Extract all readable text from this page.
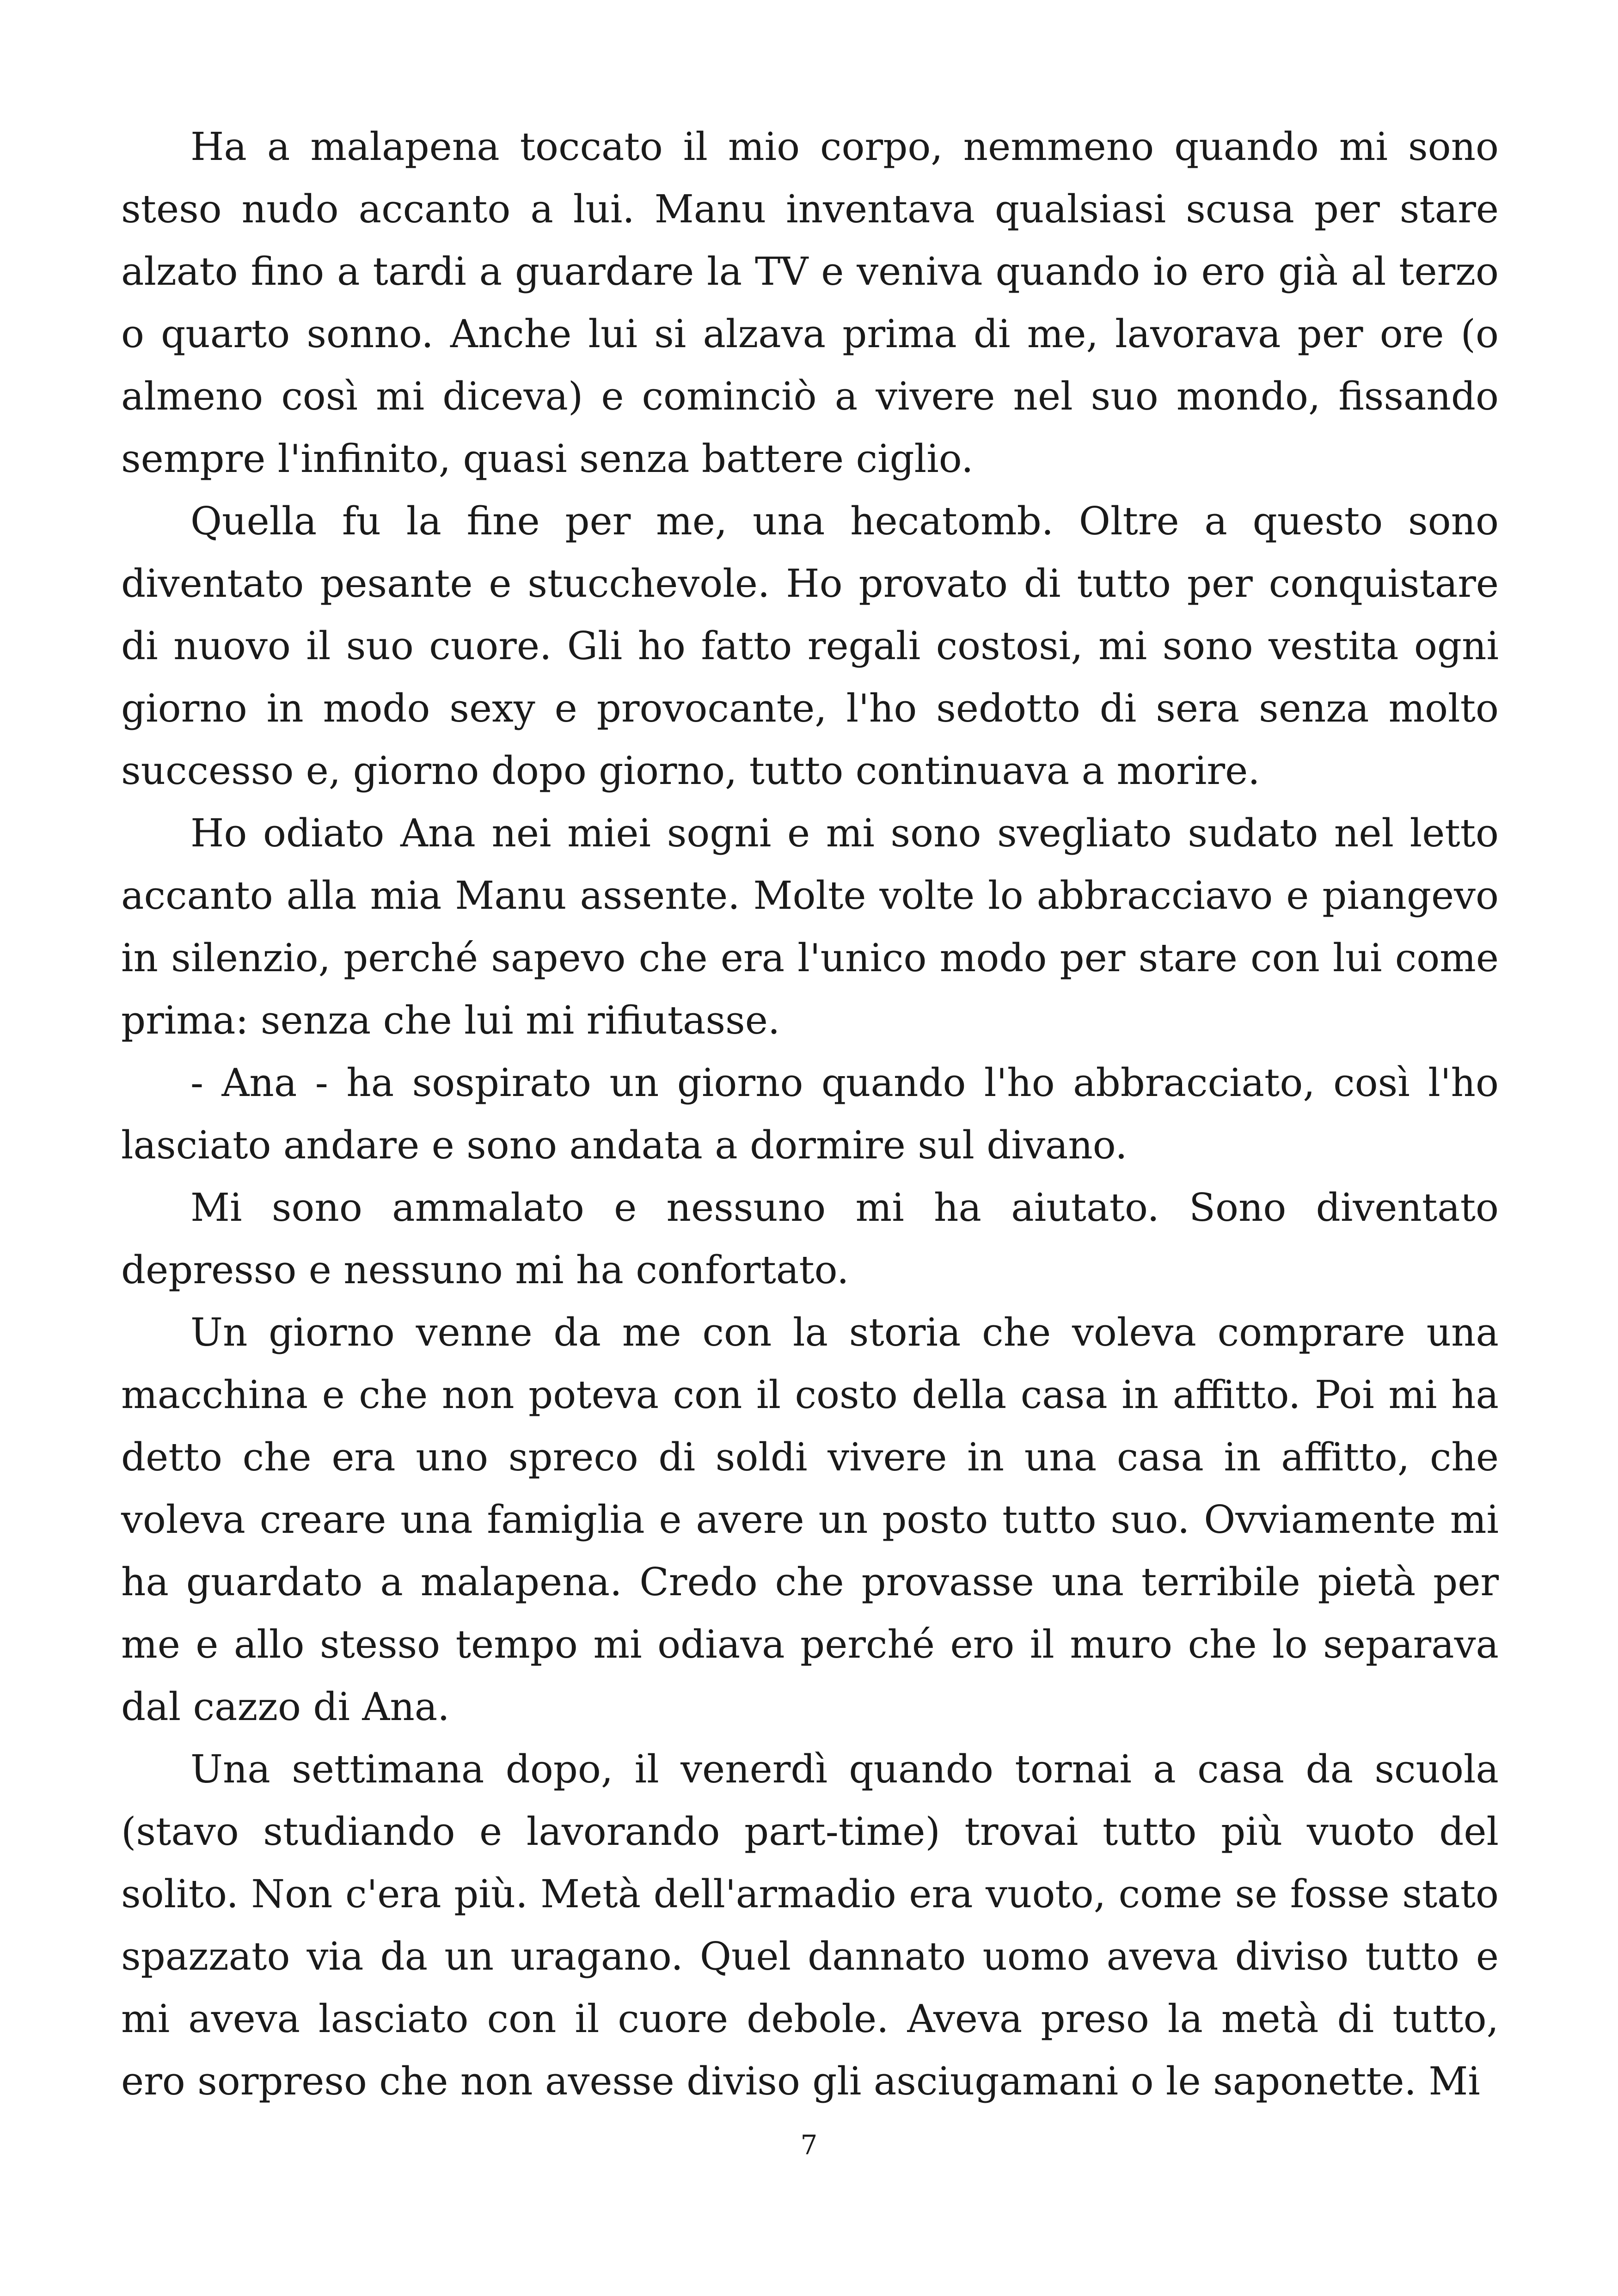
Ha a malapena toccato il mio corpo, nemmeno quando mi sono steso nudo accanto a lui. Manu inventava qualsiasi scusa per stare alzato fino a tardi a guardare la TV e veniva quando io ero già al terzo o quarto sonno. Anche lui si alzava prima di me, lavorava per ore (o almeno così mi diceva) e cominciò a vivere nel suo mondo, fissando sempre l'infinito, quasi senza battere ciglio.

Quella fu la fine per me, una hecatomb. Oltre a questo sono diventato pesante e stucchevole. Ho provato di tutto per conquistare di nuovo il suo cuore. Gli ho fatto regali costosi, mi sono vestita ogni giorno in modo sexy e provocante, l'ho sedotto di sera senza molto successo e, giorno dopo giorno, tutto continuava a morire.

Ho odiato Ana nei miei sogni e mi sono svegliato sudato nel letto accanto alla mia Manu assente. Molte volte lo abbracciavo e piangevo in silenzio, perché sapevo che era l'unico modo per stare con lui come prima: senza che lui mi rifiutasse.

- Ana - ha sospirato un giorno quando l'ho abbracciato, così l'ho lasciato andare e sono andata a dormire sul divano.

Mi sono ammalato e nessuno mi ha aiutato. Sono diventato depresso e nessuno mi ha confortato.

Un giorno venne da me con la storia che voleva comprare una macchina e che non poteva con il costo della casa in affitto. Poi mi ha detto che era uno spreco di soldi vivere in una casa in affitto, che voleva creare una famiglia e avere un posto tutto suo. Ovviamente mi ha guardato a malapena. Credo che provasse una terribile pietà per me e allo stesso tempo mi odiava perché ero il muro che lo separava dal cazzo di Ana.

Una settimana dopo, il venerdì quando tornai a casa da scuola (stavo studiando e lavorando part-time) trovai tutto più vuoto del solito. Non c'era più. Metà dell'armadio era vuoto, come se fosse stato spazzato via da un uragano. Quel dannato uomo aveva diviso tutto e mi aveva lasciato con il cuore debole. Aveva preso la metà di tutto, ero sorpreso che non avesse diviso gli asciugamani o le saponette. Mi

7
